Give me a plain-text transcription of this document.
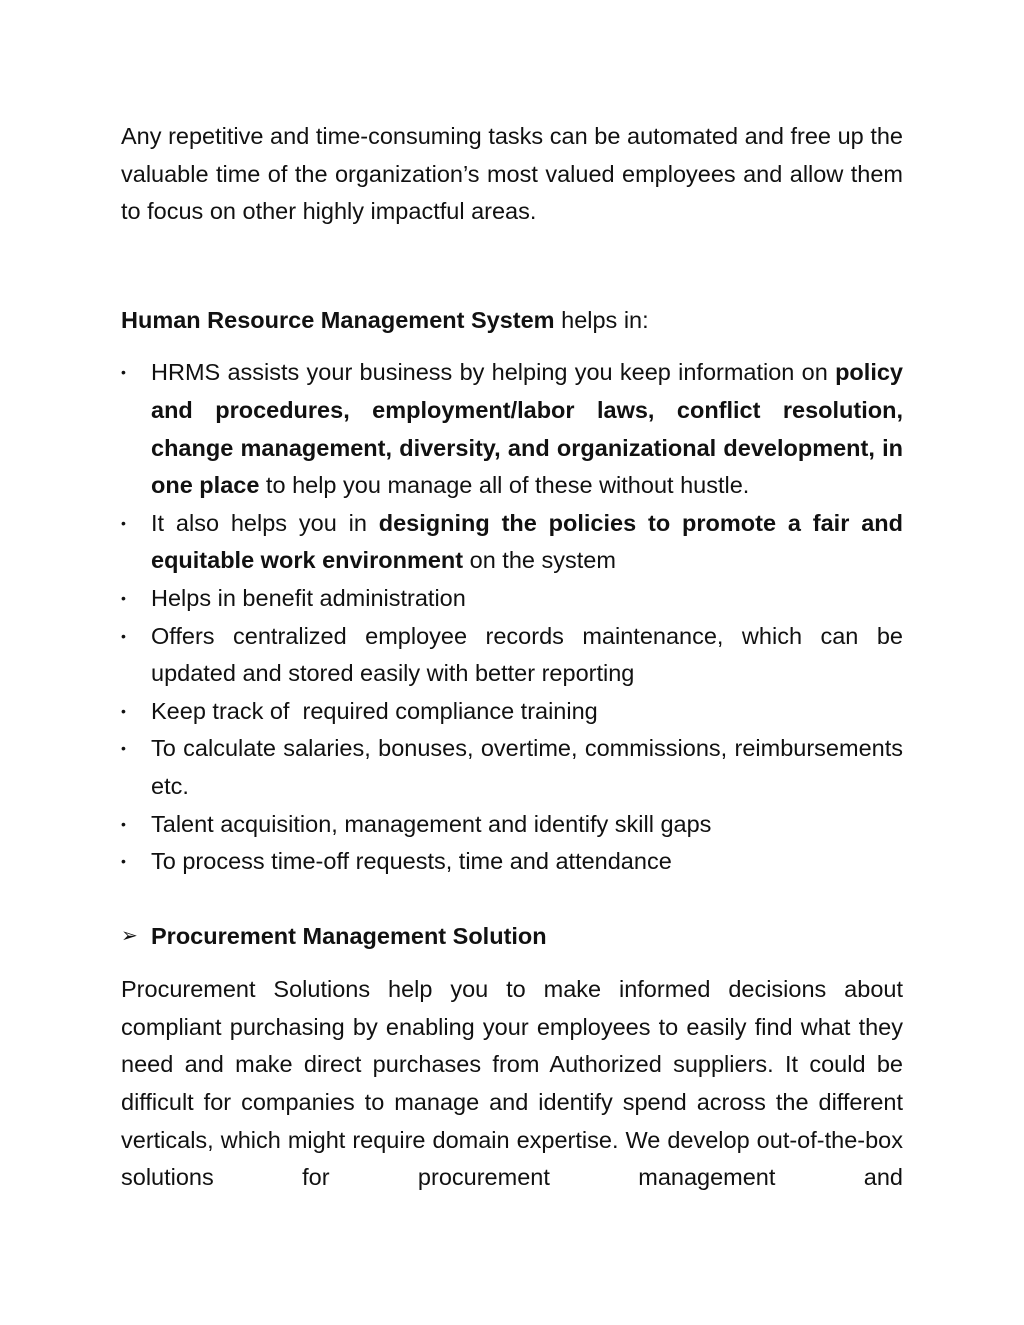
Any repetitive and time-consuming tasks can be automated and free up the valuable time of the organization’s most valued employees and allow them to focus on other highly impactful areas.

Human Resource Management System helps in:

• HRMS assists your business by helping you keep information on policy and procedures, employment/labor laws, conflict resolution, change management, diversity, and organizational development, in one place to help you manage all of these without hustle.
• It also helps you in designing the policies to promote a fair and equitable work environment on the system
• Helps in benefit administration
• Offers centralized employee records maintenance, which can be updated and stored easily with better reporting
• Keep track of  required compliance training
• To calculate salaries, bonuses, overtime, commissions, reimbursements etc.
• Talent acquisition, management and identify skill gaps
• To process time-off requests, time and attendance

➢ Procurement Management Solution

Procurement Solutions help you to make informed decisions about compliant purchasing by enabling your employees to easily find what they need and make direct purchases from Authorized suppliers. It could be difficult for companies to manage and identify spend across the different verticals, which might require domain expertise. We develop out-of-the-box solutions for procurement management and
